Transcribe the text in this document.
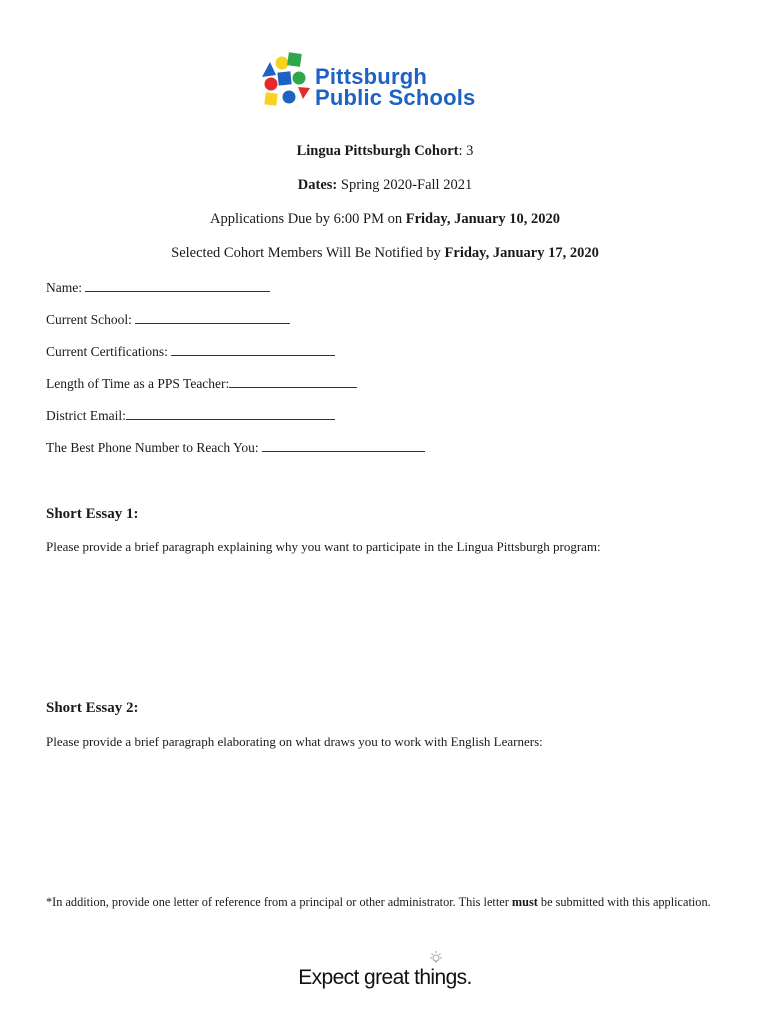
Pittsburgh
Public Schools
Lingua Pittsburgh Cohort: 3
Dates: Spring 2020-Fall 2021
Applications Due by 6:00 PM on Friday, January 10, 2020
Selected Cohort Members Will Be Notified by Friday, January 17, 2020
Name:
Current School:
Current Certifications:
Length of Time as a PPS Teacher:
District Email:
The Best Phone Number to Reach You:
Short Essay 1:
Please provide a brief paragraph explaining why you want to participate in the Lingua Pittsburgh program:
Short Essay 2:
Please provide a brief paragraph elaborating on what draws you to work with English Learners:
*In addition, provide one letter of reference from a principal or other administrator. This letter must be submitted with this application.
Expect great things.
